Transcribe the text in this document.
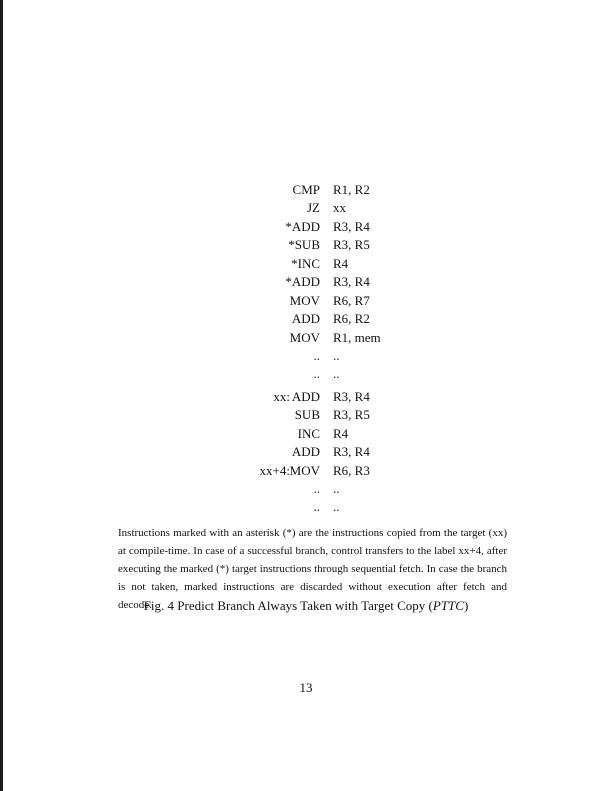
CMP R1, R2
JZ xx
*ADD R3, R4
*SUB R3, R5
*INC R4
*ADD R3, R4
MOV R6, R7
ADD R6, R2
MOV R1, mem
.. ..
.. ..
xx: ADD R3, R4
SUB R3, R5
INC R4
ADD R3, R4
xx+4: MOV R6, R3
.. ..
.. ..
Instructions marked with an asterisk (*) are the instructions copied from the target (xx) at compile-time. In case of a successful branch, control transfers to the label xx+4, after executing the marked (*) target instructions through sequential fetch. In case the branch is not taken, marked instructions are discarded without execution after fetch and decode.
Fig. 4 Predict Branch Always Taken with Target Copy (PTTC)
13
